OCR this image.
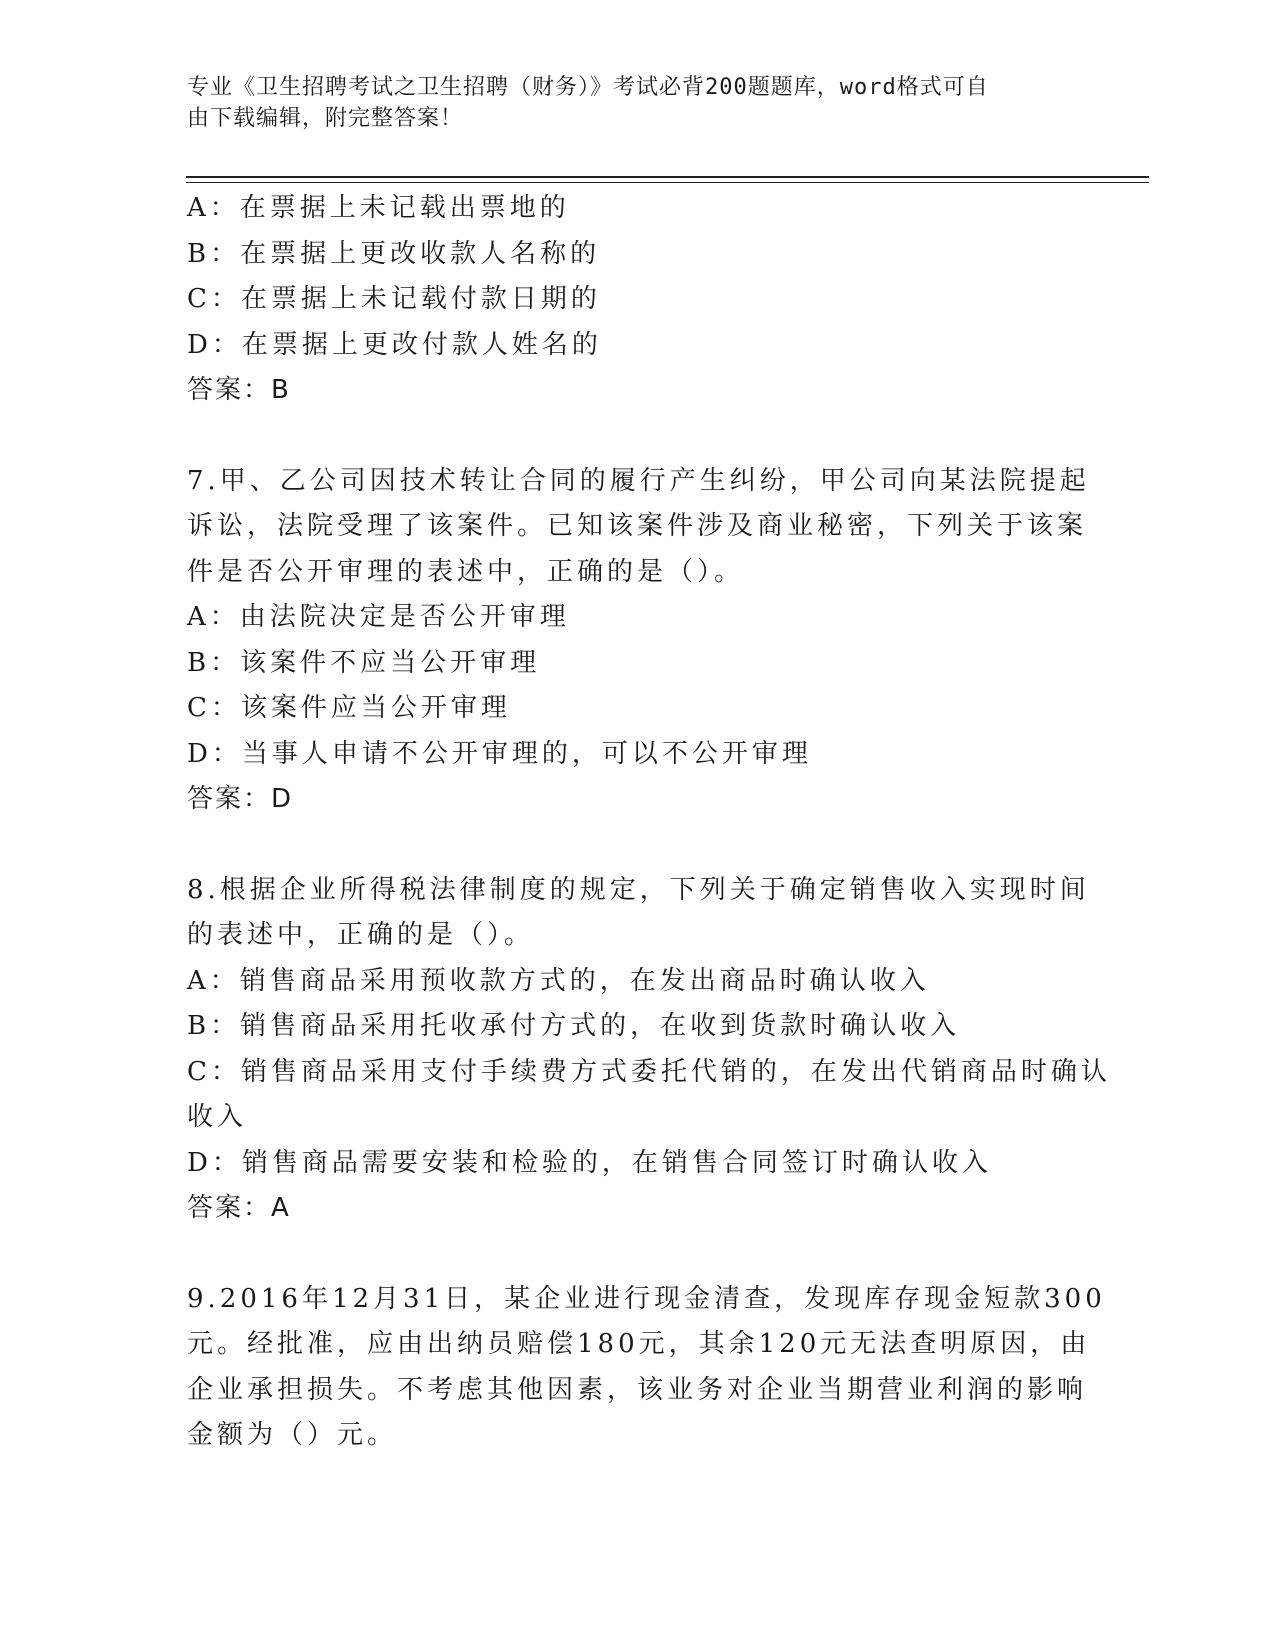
专业《卫生招聘考试之卫生招聘（财务）》考试必背200题题库，word格式可自
由下载编辑，附完整答案！
A：在票据上未记载出票地的
B：在票据上更改收款人名称的
C：在票据上未记载付款日期的
D：在票据上更改付款人姓名的
答案：B
7.甲、乙公司因技术转让合同的履行产生纠纷，甲公司向某法院提起
诉讼，法院受理了该案件。已知该案件涉及商业秘密，下列关于该案
件是否公开审理的表述中，正确的是（）。
A：由法院决定是否公开审理
B：该案件不应当公开审理
C：该案件应当公开审理
D：当事人申请不公开审理的，可以不公开审理
答案：D
8.根据企业所得税法律制度的规定，下列关于确定销售收入实现时间
的表述中，正确的是（）。
A：销售商品采用预收款方式的，在发出商品时确认收入
B：销售商品采用托收承付方式的，在收到货款时确认收入
C：销售商品采用支付手续费方式委托代销的，在发出代销商品时确认
收入
D：销售商品需要安装和检验的，在销售合同签订时确认收入
答案：A
9.2016年12月31日，某企业进行现金清查，发现库存现金短款300
元。经批准，应由出纳员赔偿180元，其余120元无法查明原因，由
企业承担损失。不考虑其他因素，该业务对企业当期营业利润的影响
金额为（）元。
